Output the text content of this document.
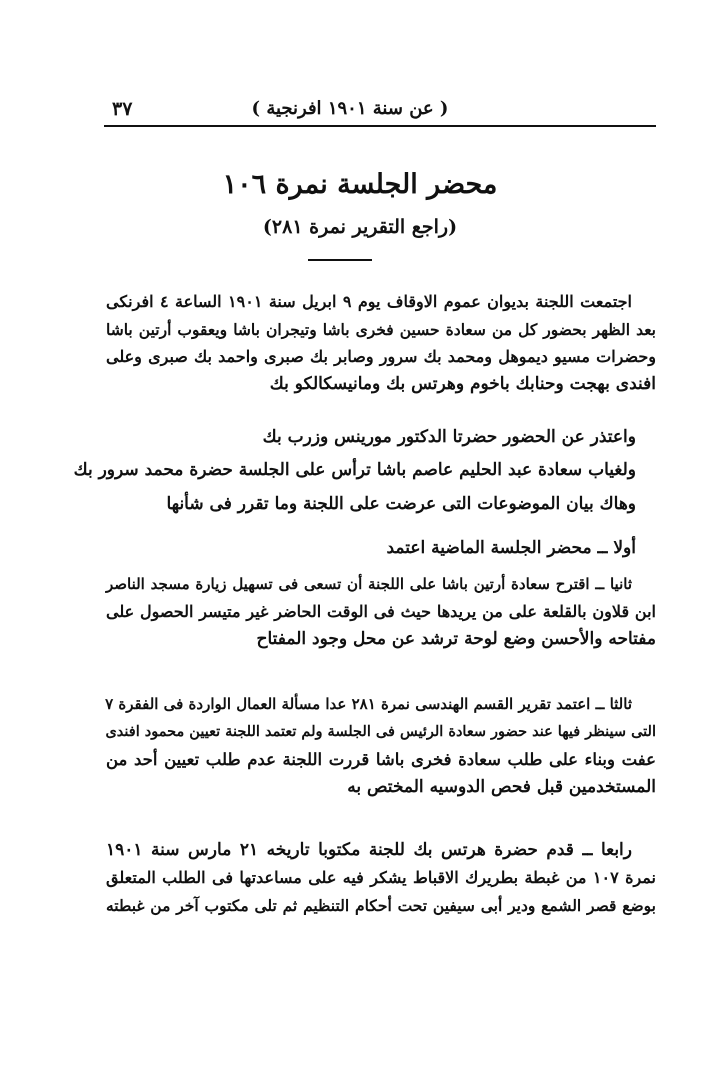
٣٧	( عن سنة ١٩٠١ افرنجية )
محضر الجلسة نمرة ١٠٦
(راجع التقرير نمرة ٢٨١)
اجتمعت اللجنة بديوان عموم الاوقاف يوم ٩ ابريل سنة ١٩٠١ الساعة ٤ افرنكى
بعد الظهر بحضور كل من سعادة حسين فخرى باشا وتيجران باشا ويعقوب أرتين باشا
وحضرات مسيو ديموهل ومحمد بك سرور وصابر بك صبرى واحمد بك صبرى وعلى
افندى بهجت وحنابك باخوم وهرتس بك ومانيسكالكو بك
واعتذر عن الحضور حضرتا الدكتور مورينس وزرب بك
ولغياب سعادة عبد الحليم عاصم باشا ترأس على الجلسة حضرة محمد سرور بك
وهاك بيان الموضوعات التى عرضت على اللجنة وما تقرر فى شأنها
أولا ــ محضر الجلسة الماضية اعتمد
ثانيا ــ اقترح سعادة أرتين باشا على اللجنة أن تسعى فى تسهيل زيارة مسجد الناصر
ابن قلاون بالقلعة على من يريدها حيث فى الوقت الحاضر غير متيسر الحصول على
مفتاحه والأحسن وضع لوحة ترشد عن محل وجود المفتاح
ثالثا ــ اعتمد تقرير القسم الهندسى نمرة ٢٨١ عدا مسألة العمال الواردة فى الفقرة ٧
التى سينظر فيها عند حضور سعادة الرئيس فى الجلسة ولم تعتمد اللجنة تعيين محمود افندى
عفت وبناء على طلب سعادة فخرى باشا قررت اللجنة عدم طلب تعيين أحد من
المستخدمين قبل فحص الدوسيه المختص به
رابعا ــ قدم حضرة هرتس بك للجنة مكتوبا تاريخه ٢١ مارس سنة ١٩٠١
نمرة ١٠٧ من غبطة بطريرك الاقباط يشكر فيه على مساعدتها فى الطلب المتعلق
بوضع قصر الشمع ودير أبى سيفين تحت أحكام التنظيم ثم تلى مكتوب آخر من غبطته
